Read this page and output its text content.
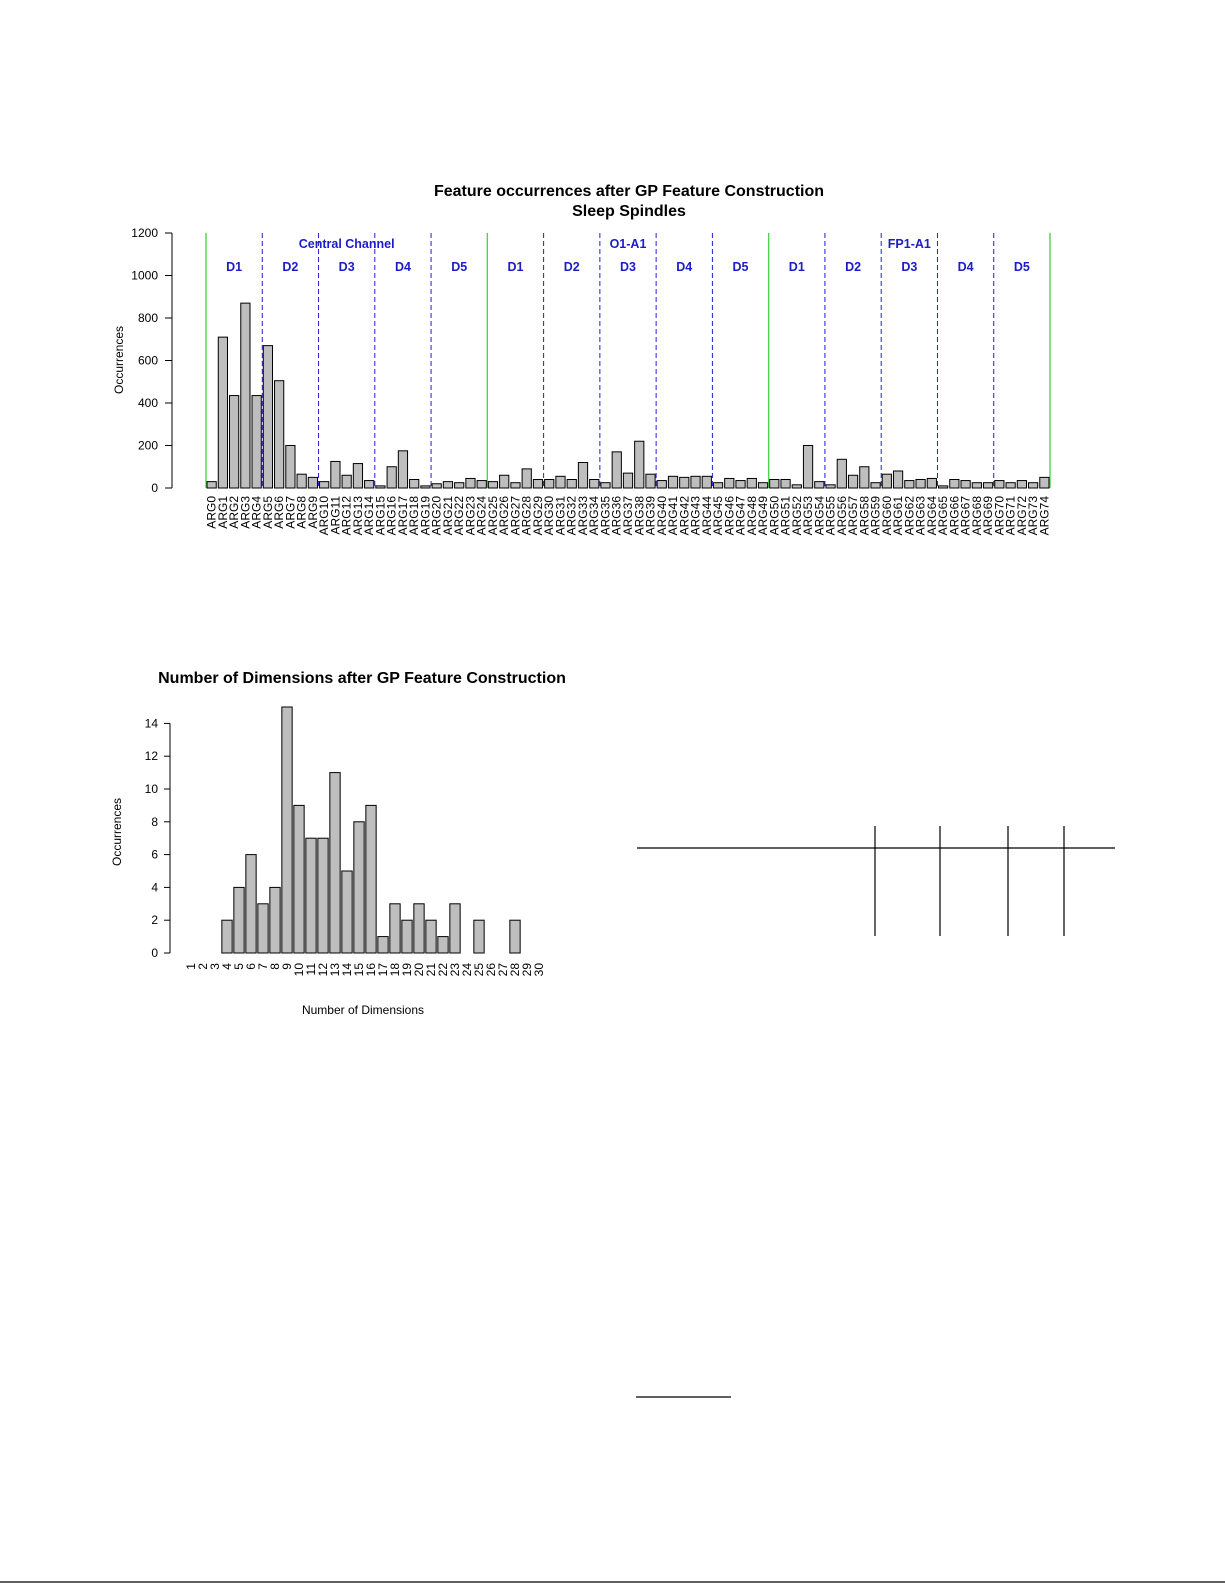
Feature occurrences after GP Feature Construction
Sleep Spindles
Occurrences
0
200
400
600
800
1000
1200
ARG0
ARG1
ARG2
ARG3
ARG4
ARG5
ARG6
ARG7
ARG8
ARG9
ARG10
ARG11
ARG12
ARG13
ARG14
ARG15
ARG16
ARG17
ARG18
ARG19
ARG20
ARG21
ARG22
ARG23
ARG24
ARG25
ARG26
ARG27
ARG28
ARG29
ARG30
ARG31
ARG32
ARG33
ARG34
ARG35
ARG36
ARG37
ARG38
ARG39
ARG40
ARG41
ARG42
ARG43
ARG44
ARG45
ARG46
ARG47
ARG48
ARG49
ARG50
ARG51
ARG52
ARG53
ARG54
ARG55
ARG56
ARG57
ARG58
ARG59
ARG60
ARG61
ARG62
ARG63
ARG64
ARG65
ARG66
ARG67
ARG68
ARG69
ARG70
ARG71
ARG72
ARG73
ARG74
D1	D2	D3	D4	D5
Central Channel
D1	D2	D3	D4	D5
O1-A1
D1	D2	D3	D4	D5
FP1-A1
Number of Dimensions after GP Feature Construction
Occurrences
Number of Dimensions
0
2
4
6
8
10
12
14
1
2
3
4
5
6
7
8
9
10
11
12
13
14
15
16
17
18
19
20
21
22
23
24
25
26
27
28
29
30
